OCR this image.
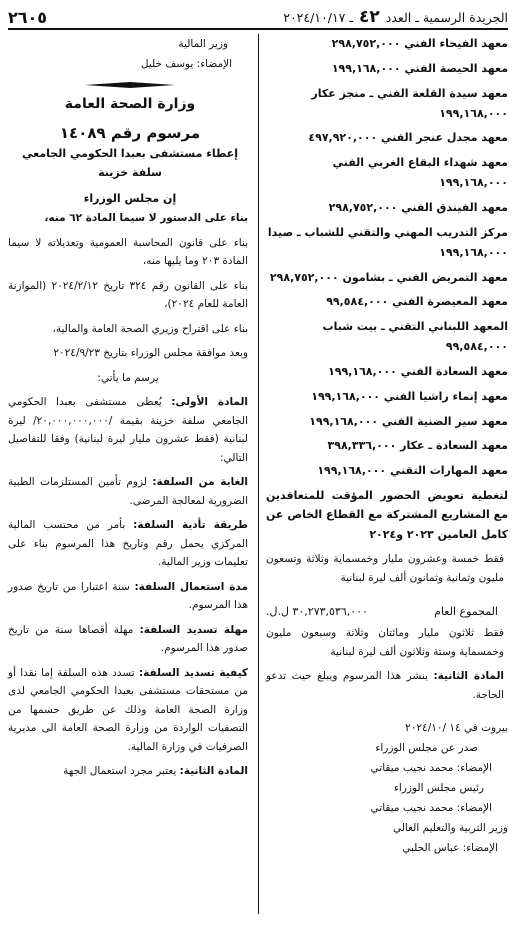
الجريدة الرسمية ـ العدد
٤٢
ـ ٢٠٢٤/١٠/١٧
٢٦٠٥

معهد الفيحاء الفني ٢٩٨,٧٥٢,٠٠٠

معهد الحيصة الفني ١٩٩,١٦٨,٠٠٠

معهد سيدة القلعة الفني ـ منجز عكار ١٩٩,١٦٨,٠٠٠

معهد مجدل عنجر الفني ٤٩٧,٩٢٠,٠٠٠

معهد شهداء البقاع الغربي الفني ١٩٩,١٦٨,٠٠٠

معهد الفيندق الفني ٢٩٨,٧٥٢,٠٠٠

مركز التدريب المهني والتقني للشباب ـ صيدا ١٩٩,١٦٨,٠٠٠

معهد التمريض الفني ـ بشامون ٢٩٨,٧٥٢,٠٠٠

معهد المعيصرة الفني ٩٩,٥٨٤,٠٠٠

المعهد اللبناني التقني ـ بيت شباب ٩٩,٥٨٤,٠٠٠

معهد السعادة الفني ١٩٩,١٦٨,٠٠٠

معهد إنماء راشيا الفني ١٩٩,١٦٨,٠٠٠

معهد سير الضنية الفني ١٩٩,١٦٨,٠٠٠

معهد السعادة ـ عكار ٣٩٨,٣٣٦,٠٠٠

معهد المهارات التقني ١٩٩,١٦٨,٠٠٠

لتغطية تعويض الحضور المؤقت للمتعاقدين مع المشاريع المشتركة مع القطاع الخاص عن كامل العامين ٢٠٢٣ و٢٠٢٤

فقط خمسة وعشرون مليار وخمسماية وثلاثة وتسعون مليون وثمانية وثمانون ألف ليرة لبنانية

المجموع العام
٣٠,٢٧٣,٥٣٦,٠٠٠ ل.ل.

فقط ثلاثون مليار ومائتان وثلاثة وسبعون مليون وخمسماية وستة وثلاثون ألف ليرة لبنانية

المادة الثانية: ينشر هذا المرسوم ويبلغ حيث تدعو الحاجة.

بيروت في ١٤ /٢٠٢٤/١٠

صدر عن مجلس الوزراء

الإمضاء: محمد نجيب ميقاتي

رئيس مجلس الوزراء

الإمضاء: محمد نجيب ميقاتي

وزير التربية والتعليم العالي

الإمضاء: عباس الحلبي

وزير المالية

الإمضاء: يوسف خليل

وزارة الصحة العامة
مرسوم رقم ١٤٠٨٩

إعطاء مستشفى بعبدا الحكومي الجامعي

سلفة خزينة

إن مجلس الوزراء

بناء على الدستور لا سيما المادة ٦٢ منه،

بناء على قانون المحاسبة العمومية وتعديلاته لا سيما المادة ٢٠٣ وما يليها منه،

بناء على القانون رقم ٣٢٤ تاريخ ٢٠٢٤/٢/١٢ (الموازنة العامة للعام ٢٠٢٤)،

بناء على اقتراح وزيري الصحة العامة والمالية،

وبعد موافقة مجلس الوزراء بتاريخ ٢٠٢٤/٩/٢٣

يرسم ما يأتي:

المادة الأولى: يُعطى مستشفى بعبدا الحكومي الجامعي سلفة خزينة بقيمة /٢٠,٠٠٠,٠٠٠,٠٠٠/ ليرة لبنانية (فقط عشرون مليار ليرة لبنانية) وفقا للتفاصيل التالي:

الغاية من السلفة: لزوم تأمين المستلزمات الطبية الضرورية لمعالجة المرضى.

طريقة تأدية السلفة: بأمر من محتسب المالية المركزي يحمل رقم وتاريخ هذا المرسوم بناء على تعليمات وزير المالية.

مدة استعمال السلفة: سنة اعتبارا من تاريخ صدور هذا المرسوم.

مهلة تسديد السلفة: مهلة أقصاها سنة من تاريخ صدور هذا المرسوم.

كيفية تسديد السلفة: تسدد هذه السلفة إما نقدا أو من مستحقات مستشفى بعبدا الحكومي الجامعي لدى وزارة الصحة العامة وذلك عن طريق حسمها من التصفيات الواردة من وزارة الصحة العامة الى مديرية الصرفيات في وزارة المالية.

المادة الثانية: يعتبر مجرد استعمال الجهة
